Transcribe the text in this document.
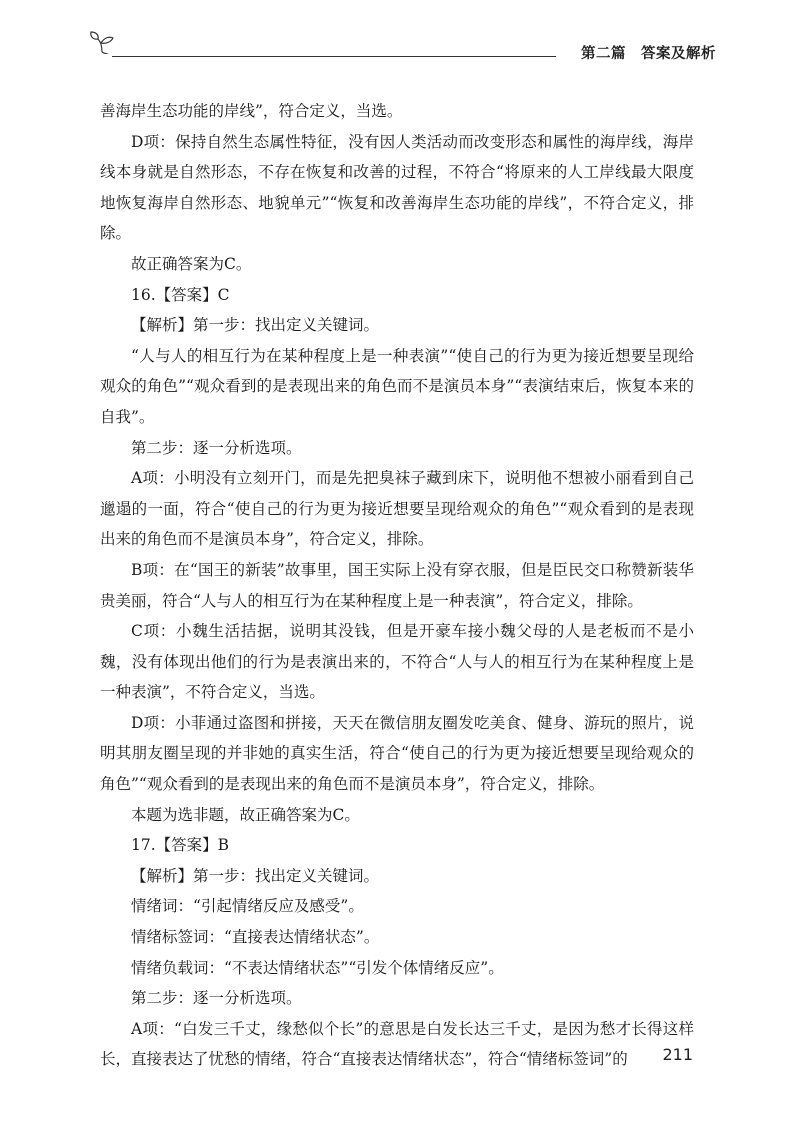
第二篇　答案及解析

善海岸生态功能的岸线”，符合定义，当选。

D项：保持自然生态属性特征，没有因人类活动而改变形态和属性的海岸线，海岸线本身就是自然形态，不存在恢复和改善的过程，不符合“将原来的人工岸线最大限度地恢复海岸自然形态、地貌单元”“恢复和改善海岸生态功能的岸线”，不符合定义，排除。

故正确答案为C。

16.【答案】C

【解析】第一步：找出定义关键词。

“人与人的相互行为在某种程度上是一种表演”“使自己的行为更为接近想要呈现给观众的角色”“观众看到的是表现出来的角色而不是演员本身”“表演结束后，恢复本来的自我”。

第二步：逐一分析选项。

A项：小明没有立刻开门，而是先把臭袜子藏到床下，说明他不想被小丽看到自己邋遢的一面，符合“使自己的行为更为接近想要呈现给观众的角色”“观众看到的是表现出来的角色而不是演员本身”，符合定义，排除。

B项：在“国王的新装”故事里，国王实际上没有穿衣服，但是臣民交口称赞新装华贵美丽，符合“人与人的相互行为在某种程度上是一种表演”，符合定义，排除。

C项：小魏生活拮据，说明其没钱，但是开豪车接小魏父母的人是老板而不是小魏，没有体现出他们的行为是表演出来的，不符合“人与人的相互行为在某种程度上是一种表演”，不符合定义，当选。

D项：小菲通过盗图和拼接，天天在微信朋友圈发吃美食、健身、游玩的照片，说明其朋友圈呈现的并非她的真实生活，符合“使自己的行为更为接近想要呈现给观众的角色”“观众看到的是表现出来的角色而不是演员本身”，符合定义，排除。

本题为选非题，故正确答案为C。

17.【答案】B

【解析】第一步：找出定义关键词。

情绪词：“引起情绪反应及感受”。

情绪标签词：“直接表达情绪状态”。

情绪负载词：“不表达情绪状态”“引发个体情绪反应”。

第二步：逐一分析选项。

A项：“白发三千丈，缘愁似个长”的意思是白发长达三千丈，是因为愁才长得这样长，直接表达了忧愁的情绪，符合“直接表达情绪状态”，符合“情绪标签词”的	211
